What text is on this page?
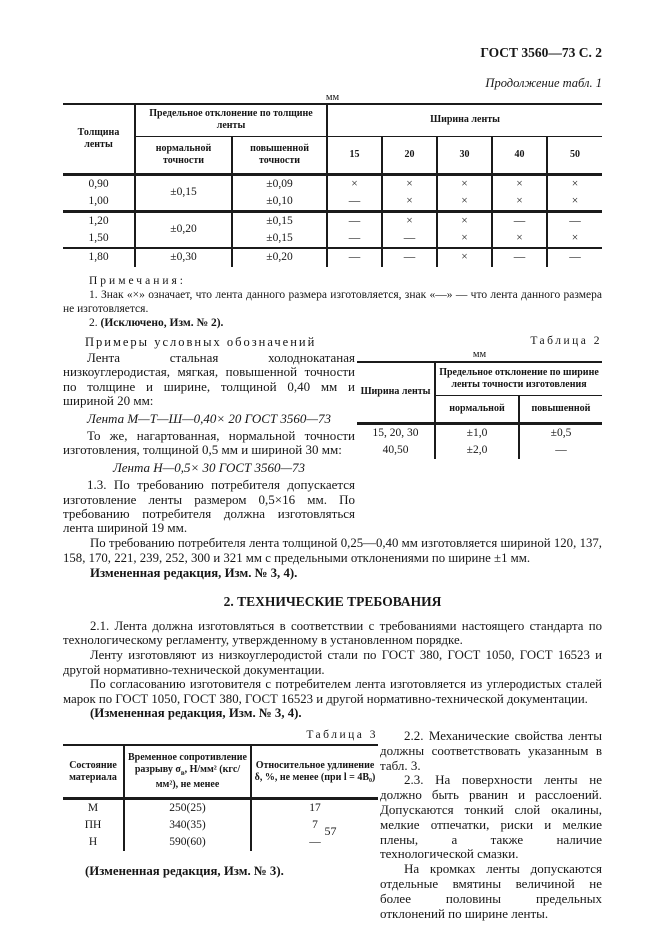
ГОСТ 3560—73 С. 2
Продолжение табл. 1
мм
Толщина ленты	Предельное отклонение по толщине ленты		Ширина ленты				
	нормальной точности	повышенной точности	15	20	30	40	50
0,90	±0,15	±0,09	×	×	×	×	×
1,00		±0,10	—	×	×	×	×
1,20	±0,20	±0,15	—	×	×	—	—
1,50		±0,15	—	—	×	×	×
1,80	±0,30	±0,20	—	—	×	—	—
Примечания:
1. Знак «×» означает, что лента данного размера изготовляется, знак «—» — что лента данного размера не изготовляется.
2. (Исключено, Изм. № 2).
Примеры условных обозначений

Лента стальная холоднокатаная низкоуглеродистая, мягкая, повышенной точности по толщине и ширине, толщиной 0,40 мм и шириной 20 мм:

Лента М—Т—Ш—0,40× 20 ГОСТ 3560—73

То же, нагартованная, нормальной точности изготовления, толщиной 0,5 мм и шириной 30 мм:

Лента Н—0,5× 30 ГОСТ 3560—73

1.3. По требованию потребителя допускается изготовление ленты размером 0,5×16 мм. По требованию потребителя должна изготовляться лента шириной 19 мм.

Таблица 2
мм
Ширина ленты	Предельное отклонение по ширине ленты точности изготовления	
	нормальной	повышенной
15, 20, 30	±1,0	±0,5
40,50	±2,0	—

По требованию потребителя лента толщиной 0,25—0,40 мм изготовляется шириной 120, 137, 158, 170, 221, 239, 252, 300 и 321 мм с предельными отклонениями по ширине ±1 мм.

Измененная редакция, Изм. № 3, 4).

2. ТЕХНИЧЕСКИЕ ТРЕБОВАНИЯ

2.1. Лента должна изготовляться в соответствии с требованиями настоящего стандарта по технологическому регламенту, утвержденному в установленном порядке.

Ленту изготовляют из низкоуглеродистой стали по ГОСТ 380, ГОСТ 1050, ГОСТ 16523 и другой нормативно-технической документации.

По согласованию изготовителя с потребителем лента изготовляется из углеродистых сталей марок по ГОСТ 1050, ГОСТ 380, ГОСТ 16523 и другой нормативно-технической документации.

(Измененная редакция, Изм. № 3, 4).

Таблица 3
Состояние материала	Временное сопротивление разрыву $\sigma_в$, Н/мм² (кгс/мм²), не менее	Относительное удлинение δ, %, не менее (при l = 4B₀)
М	250(25)	17
ПН	340(35)	7
Н	590(60)	—
(Измененная редакция, Изм. № 3).

2.2. Механические свойства ленты должны соответствовать указанным в табл. 3.

2.3. На поверхности ленты не должно быть рванин и расслоений. Допускаются тонкий слой окалины, мелкие отпечатки, риски и мелкие плены, а также наличие технологической смазки.

На кромках ленты допускаются отдельные вмятины величиной не более половины предельных отклонений по ширине ленты.

57
